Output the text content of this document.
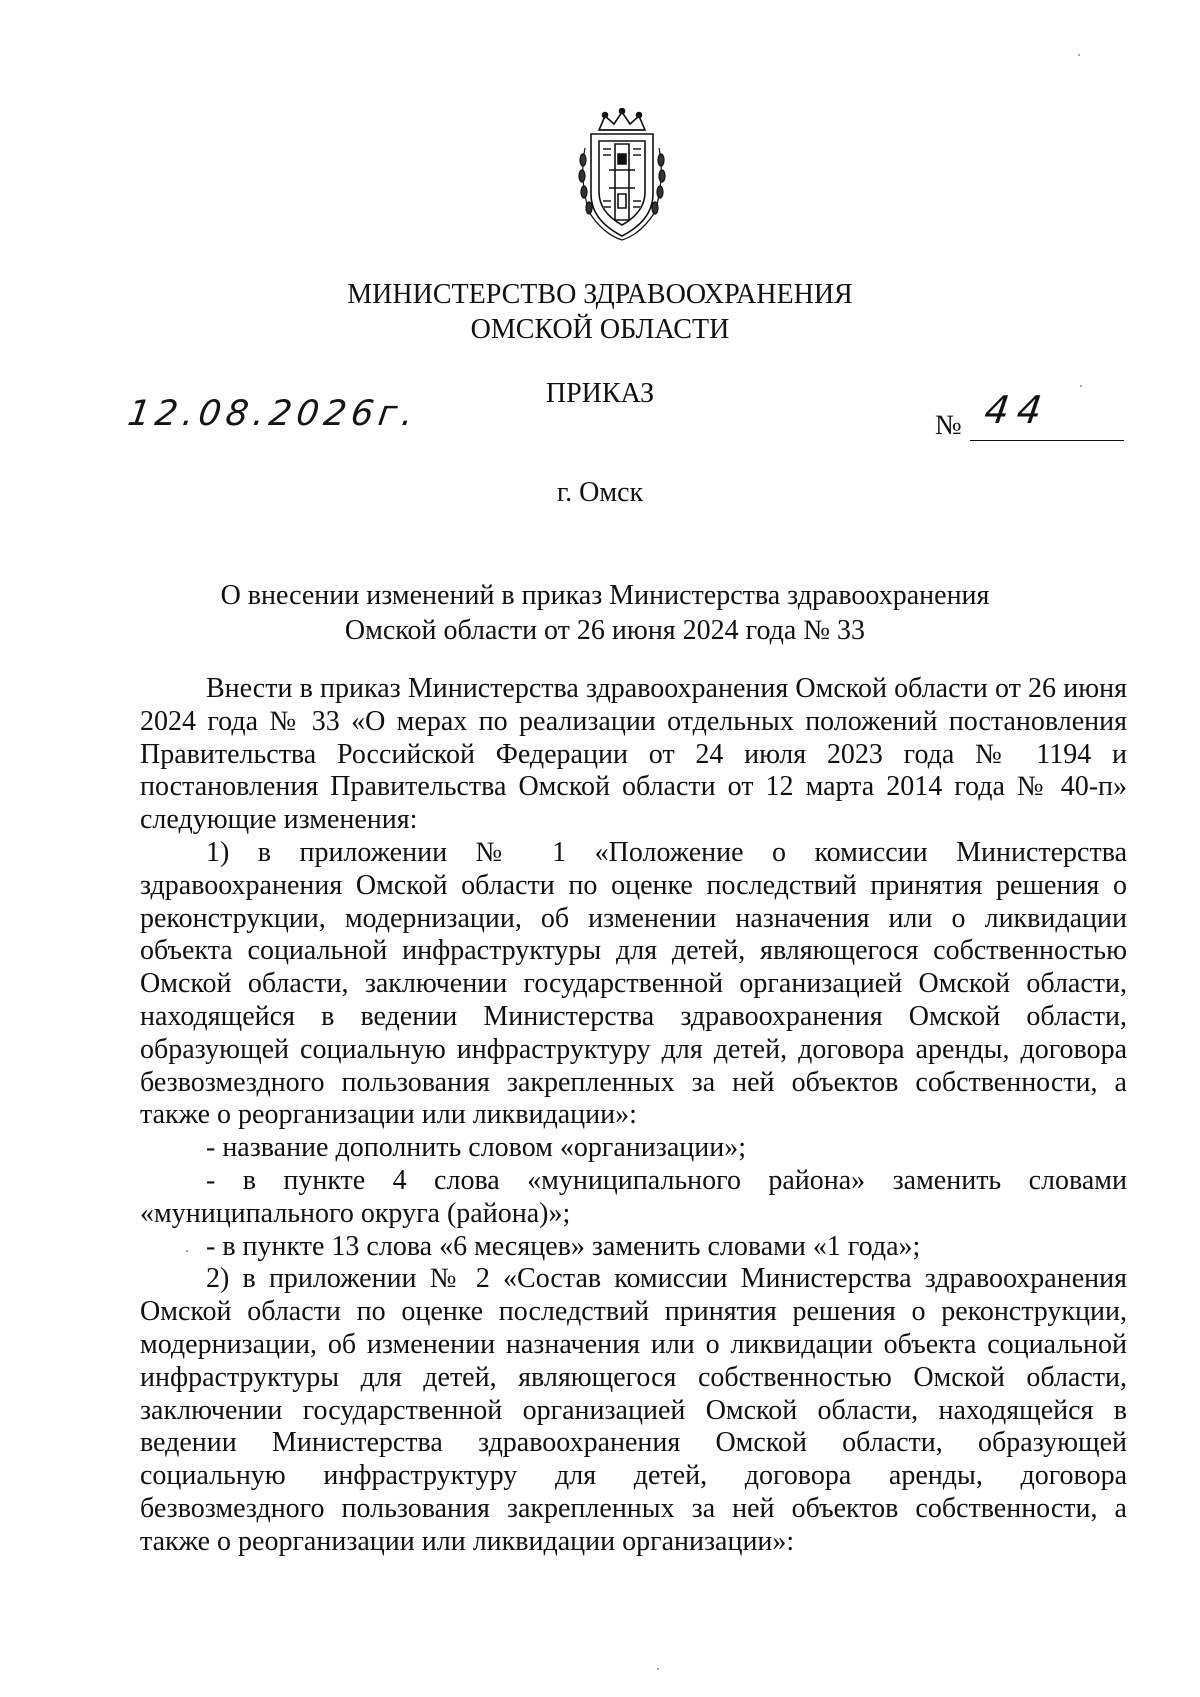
МИНИСТЕРСТВО ЗДРАВООХРАНЕНИЯ
ОМСКОЙ ОБЛАСТИ
ПРИКАЗ
12.08.2026г.	№ 44
г. Омск
О внесении изменений в приказ Министерства здравоохранения
Омской области от 26 июня 2024 года № 33

Внести в приказ Министерства здравоохранения Омской области от 26 июня 2024 года № 33 «О мерах по реализации отдельных положений постановления Правительства Российской Федерации от 24 июля 2023 года № 1194 и постановления Правительства Омской области от 12 марта 2014 года № 40-п» следующие изменения:

1) в приложении № 1 «Положение о комиссии Министерства здравоохранения Омской области по оценке последствий принятия решения о реконструкции, модернизации, об изменении назначения или о ликвидации объекта социальной инфраструктуры для детей, являющегося собственностью Омской области, заключении государственной организацией Омской области, находящейся в ведении Министерства здравоохранения Омской области, образующей социальную инфраструктуру для детей, договора аренды, договора безвозмездного пользования закрепленных за ней объектов собственности, а также о реорганизации или ликвидации»:

- название дополнить словом «организации»;

- в пункте 4 слова «муниципального района» заменить словами «муниципального округа (района)»;

- в пункте 13 слова «6 месяцев» заменить словами «1 года»;

2) в приложении № 2 «Состав комиссии Министерства здравоохранения Омской области по оценке последствий принятия решения о реконструкции, модернизации, об изменении назначения или о ликвидации объекта социальной инфраструктуры для детей, являющегося собственностью Омской области, заключении государственной организацией Омской области, находящейся в ведении Министерства здравоохранения Омской области, образующей социальную инфраструктуру для детей, договора аренды, договора безвозмездного пользования закрепленных за ней объектов собственности, а также о реорганизации или ликвидации организации»:
